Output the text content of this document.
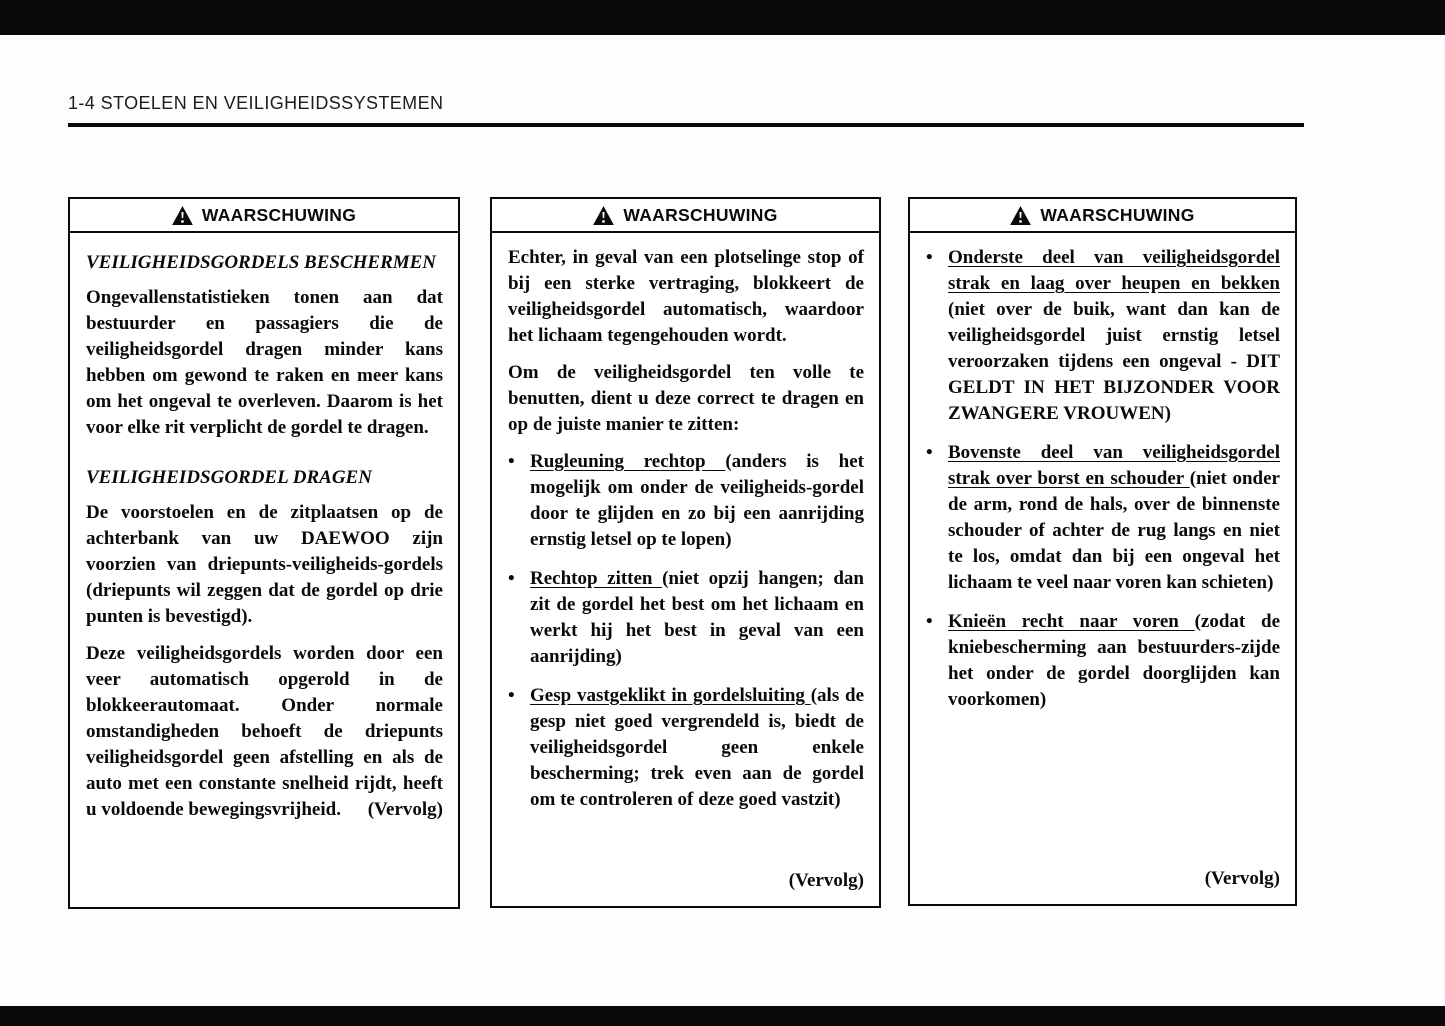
1-4 STOELEN EN VEILIGHEIDSSYSTEMEN
WAARSCHUWING
VEILIGHEIDSGORDELS BESCHERMEN

Ongevallenstatistieken tonen aan dat bestuurder en passagiers die de veiligheidsgordel dragen minder kans hebben om gewond te raken en meer kans om het ongeval te overleven. Daarom is het voor elke rit verplicht de gordel te dragen.

VEILIGHEIDSGORDEL DRAGEN

De voorstoelen en de zitplaatsen op de achterbank van uw DAEWOO zijn voorzien van driepunts-veiligheids-gordels (driepunts wil zeggen dat de gordel op drie punten is bevestigd).

Deze veiligheidsgordels worden door een veer automatisch opgerold in de blokkeerautomaat. Onder normale omstandigheden behoeft de driepunts veiligheidsgordel geen afstelling en als de auto met een constante snelheid rijdt, heeft u voldoende bewegingsvrijheid. (Vervolg)

WAARSCHUWING

Echter, in geval van een plotselinge stop of bij een sterke vertraging, blokkeert de veiligheidsgordel automatisch, waardoor het lichaam tegengehouden wordt.

Om de veiligheidsgordel ten volle te benutten, dient u deze correct te dragen en op de juiste manier te zitten:

• Rugleuning rechtop (anders is het mogelijk om onder de veiligheids-gordel door te glijden en zo bij een aanrijding ernstig letsel op te lopen)
• Rechtop zitten (niet opzij hangen; dan zit de gordel het best om het lichaam en werkt hij het best in geval van een aanrijding)
• Gesp vastgeklikt in gordelsluiting (als de gesp niet goed vergrendeld is, biedt de veiligheidsgordel geen enkele bescherming; trek even aan de gordel om te controleren of deze goed vastzit)
(Vervolg)
WAARSCHUWING
• Onderste deel van veiligheidsgordel strak en laag over heupen en bekken (niet over de buik, want dan kan de veiligheidsgordel juist ernstig letsel veroorzaken tijdens een ongeval - DIT GELDT IN HET BIJZONDER VOOR ZWANGERE VROUWEN)
• Bovenste deel van veiligheidsgordel strak over borst en schouder (niet onder de arm, rond de hals, over de binnenste schouder of achter de rug langs en niet te los, omdat dan bij een ongeval het lichaam te veel naar voren kan schieten)
• Knieën recht naar voren (zodat de kniebescherming aan bestuurders-zijde het onder de gordel doorglijden kan voorkomen)
(Vervolg)
